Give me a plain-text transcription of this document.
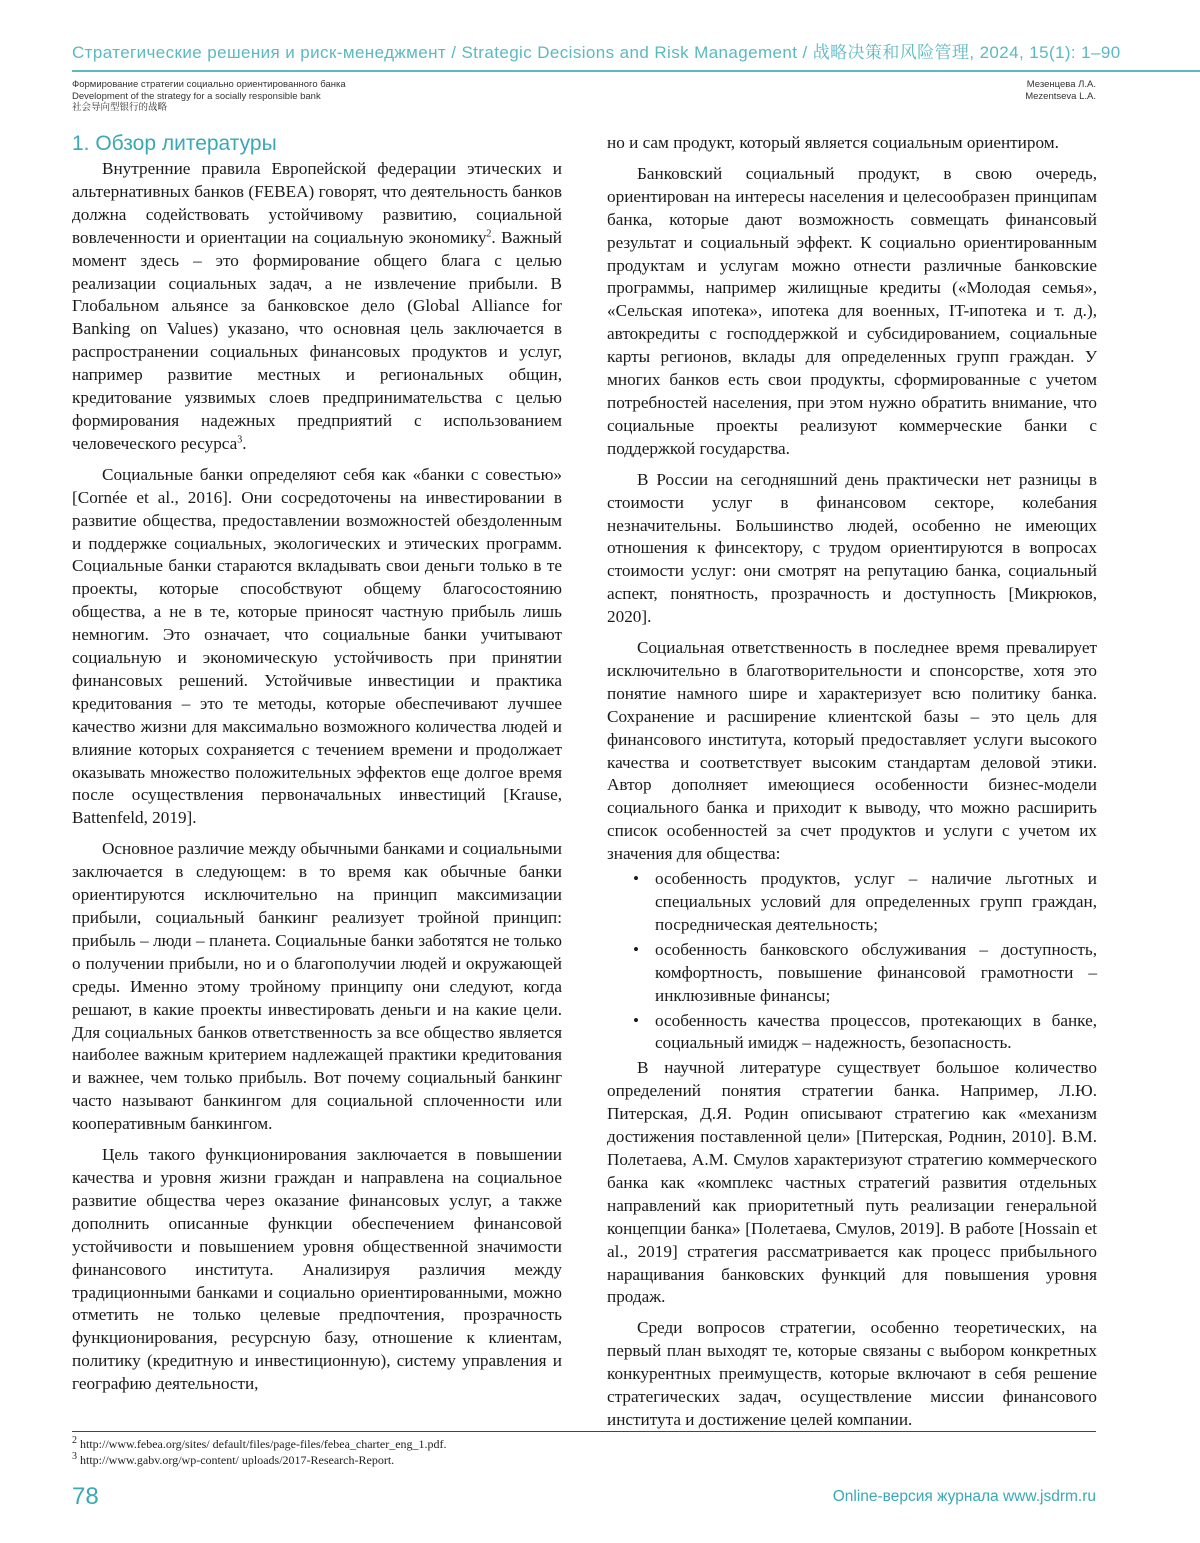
Стратегические решения и риск-менеджмент / Strategic Decisions and Risk Management / 战略决策和风险管理, 2024, 15(1): 1–90
Формирование стратегии социально ориентированного банка
Development of the strategy for a socially responsible bank
社会导向型银行的战略
Мезенцева Л.А.
Mezentseva L.A.
1. Обзор литературы

Внутренние правила Европейской федерации этических и альтернативных банков (FEBEA) говорят, что деятельность банков должна содействовать устойчивому развитию, социальной вовлеченности и ориентации на социальную экономику$^2$. Важный момент здесь – это формирование общего блага с целью реализации социальных задач, а не извлечение прибыли. В Глобальном альянсе за банковское дело (Global Alliance for Banking on Values) указано, что основная цель заключается в распространении социальных финансовых продуктов и услуг, например развитие местных и региональных общин, кредитование уязвимых слоев предпринимательства с целью формирования надежных предприятий с использованием человеческого ресурса$^3$.

Социальные банки определяют себя как «банки с совестью» [Cornée et al., 2016]. Они сосредоточены на инвестировании в развитие общества, предоставлении возможностей обездоленным и поддержке социальных, экологических и этических программ. Социальные банки стараются вкладывать свои деньги только в те проекты, которые способствуют общему благосостоянию общества, а не в те, которые приносят частную прибыль лишь немногим. Это означает, что социальные банки учитывают социальную и экономическую устойчивость при принятии финансовых решений. Устойчивые инвестиции и практика кредитования – это те методы, которые обеспечивают лучшее качество жизни для максимально возможного количества людей и влияние которых сохраняется с течением времени и продолжает оказывать множество положительных эффектов еще долгое время после осуществления первоначальных инвестиций [Krause, Battenfeld, 2019].

Основное различие между обычными банками и социальными заключается в следующем: в то время как обычные банки ориентируются исключительно на принцип максимизации прибыли, социальный банкинг реализует тройной принцип: прибыль – люди – планета. Социальные банки заботятся не только о получении прибыли, но и о благополучии людей и окружающей среды. Именно этому тройному принципу они следуют, когда решают, в какие проекты инвестировать деньги и на какие цели. Для социальных банков ответственность за все общество является наиболее важным критерием надлежащей практики кредитования и важнее, чем только прибыль. Вот почему социальный банкинг часто называют банкингом для социальной сплоченности или кооперативным банкингом.

Цель такого функционирования заключается в повышении качества и уровня жизни граждан и направлена на социальное развитие общества через оказание финансовых услуг, а также дополнить описанные функции обеспечением финансовой устойчивости и повышением уровня общественной значимости финансового института. Анализируя различия между традиционными банками и социально ориентированными, можно отметить не только целевые предпочтения, прозрачность функционирования, ресурсную базу, отношение к клиентам, политику (кредитную и инвестиционную), систему управления и географию деятельности,

но и сам продукт, который является социальным ориентиром.

Банковский социальный продукт, в свою очередь, ориентирован на интересы населения и целесообразен принципам банка, которые дают возможность совмещать финансовый результат и социальный эффект. К социально ориентированным продуктам и услугам можно отнести различные банковские программы, например жилищные кредиты («Молодая семья», «Сельская ипотека», ипотека для военных, IT-ипотека и т. д.), автокредиты с господдержкой и субсидированием, социальные карты регионов, вклады для определенных групп граждан. У многих банков есть свои продукты, сформированные с учетом потребностей населения, при этом нужно обратить внимание, что социальные проекты реализуют коммерческие банки с поддержкой государства.

В России на сегодняшний день практически нет разницы в стоимости услуг в финансовом секторе, колебания незначительны. Большинство людей, особенно не имеющих отношения к финсектору, с трудом ориентируются в вопросах стоимости услуг: они смотрят на репутацию банка, социальный аспект, понятность, прозрачность и доступность [Микрюков, 2020].

Социальная ответственность в последнее время превалирует исключительно в благотворительности и спонсорстве, хотя это понятие намного шире и характеризует всю политику банка. Сохранение и расширение клиентской базы – это цель для финансового института, который предоставляет услуги высокого качества и соответствует высоким стандартам деловой этики. Автор дополняет имеющиеся особенности бизнес-модели социального банка и приходит к выводу, что можно расширить список особенностей за счет продуктов и услуги с учетом их значения для общества:

• особенность продуктов, услуг – наличие льготных и специальных условий для определенных групп граждан, посредническая деятельность;
• особенность банковского обслуживания – доступность, комфортность, повышение финансовой грамотности – инклюзивные финансы;
• особенность качества процессов, протекающих в банке, социальный имидж – надежность, безопасность.

В научной литературе существует большое количество определений понятия стратегии банка. Например, Л.Ю. Питерская, Д.Я. Родин описывают стратегию как «механизм достижения поставленной цели» [Питерская, Роднин, 2010]. В.М. Полетаева, А.М. Смулов характеризуют стратегию коммерческого банка как «комплекс частных стратегий развития отдельных направлений как приоритетный путь реализации генеральной концепции банка» [Полетаева, Смулов, 2019]. В работе [Hossain et al., 2019] стратегия рассматривается как процесс прибыльного наращивания банковских функций для повышения уровня продаж.

Среди вопросов стратегии, особенно теоретических, на первый план выходят те, которые связаны с выбором конкретных конкурентных преимуществ, которые включают в себя решение стратегических задач, осуществление миссии финансового института и достижение целей компании.

$^2$ http://www.febea.org/sites/ default/files/page-files/febea_charter_eng_1.pdf.
$^3$ http://www.gabv.org/wp-content/ uploads/2017-Research-Report.
78	Online-версия журнала www.jsdrm.ru
